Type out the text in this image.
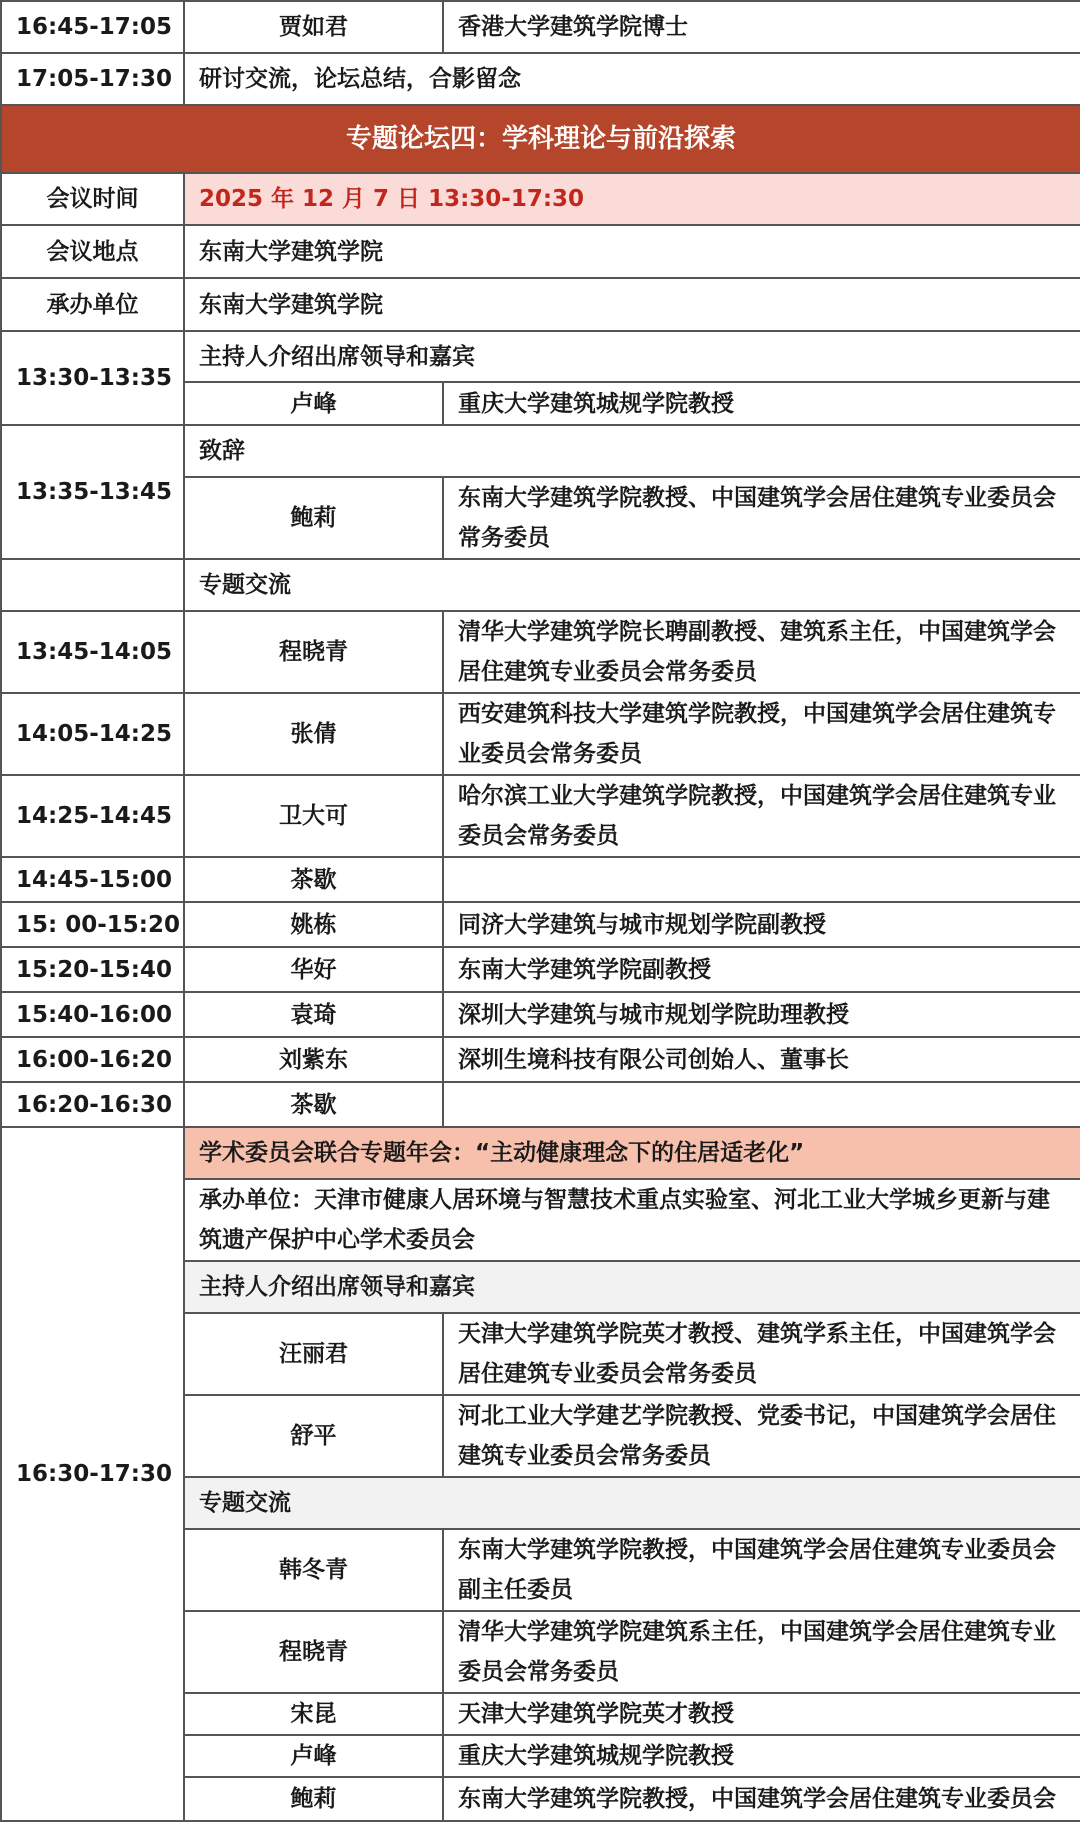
16:45-17:05	贾如君	香港大学建筑学院博士
17:05-17:30	研讨交流，论坛总结，合影留念	
专题论坛四：学科理论与前沿探索		
会议时间	2025 年 12 月 7 日 13:30-17:30	
会议地点	东南大学建筑学院	
承办单位	东南大学建筑学院	
13:30-13:35	主持人介绍出席领导和嘉宾	
	卢峰	重庆大学建筑城规学院教授
13:35-13:45	致辞	
	鲍莉	东南大学建筑学院教授、中国建筑学会居住建筑专业委员会常务委员
	专题交流	
13:45-14:05	程晓青	清华大学建筑学院长聘副教授、建筑系主任，中国建筑学会居住建筑专业委员会常务委员
14:05-14:25	张倩	西安建筑科技大学建筑学院教授，中国建筑学会居住建筑专业委员会常务委员
14:25-14:45	卫大可	哈尔滨工业大学建筑学院教授，中国建筑学会居住建筑专业委员会常务委员
14:45-15:00	茶歇	
15: 00-15:20	姚栋	同济大学建筑与城市规划学院副教授
15:20-15:40	华好	东南大学建筑学院副教授
15:40-16:00	袁琦	深圳大学建筑与城市规划学院助理教授
16:00-16:20	刘紫东	深圳生境科技有限公司创始人、董事长
16:20-16:30	茶歇	
16:30-17:30	学术委员会联合专题年会：“主动健康理念下的住居适老化”	
	承办单位：天津市健康人居环境与智慧技术重点实验室、河北工业大学城乡更新与建筑遗产保护中心学术委员会	
	主持人介绍出席领导和嘉宾	
	汪丽君	天津大学建筑学院英才教授、建筑学系主任，中国建筑学会居住建筑专业委员会常务委员
	舒平	河北工业大学建艺学院教授、党委书记，中国建筑学会居住建筑专业委员会常务委员
	专题交流	
	韩冬青	东南大学建筑学院教授，中国建筑学会居住建筑专业委员会副主任委员
	程晓青	清华大学建筑学院建筑系主任，中国建筑学会居住建筑专业委员会常务委员
	宋昆	天津大学建筑学院英才教授
	卢峰	重庆大学建筑城规学院教授
	鲍莉	东南大学建筑学院教授，中国建筑学会居住建筑专业委员会
